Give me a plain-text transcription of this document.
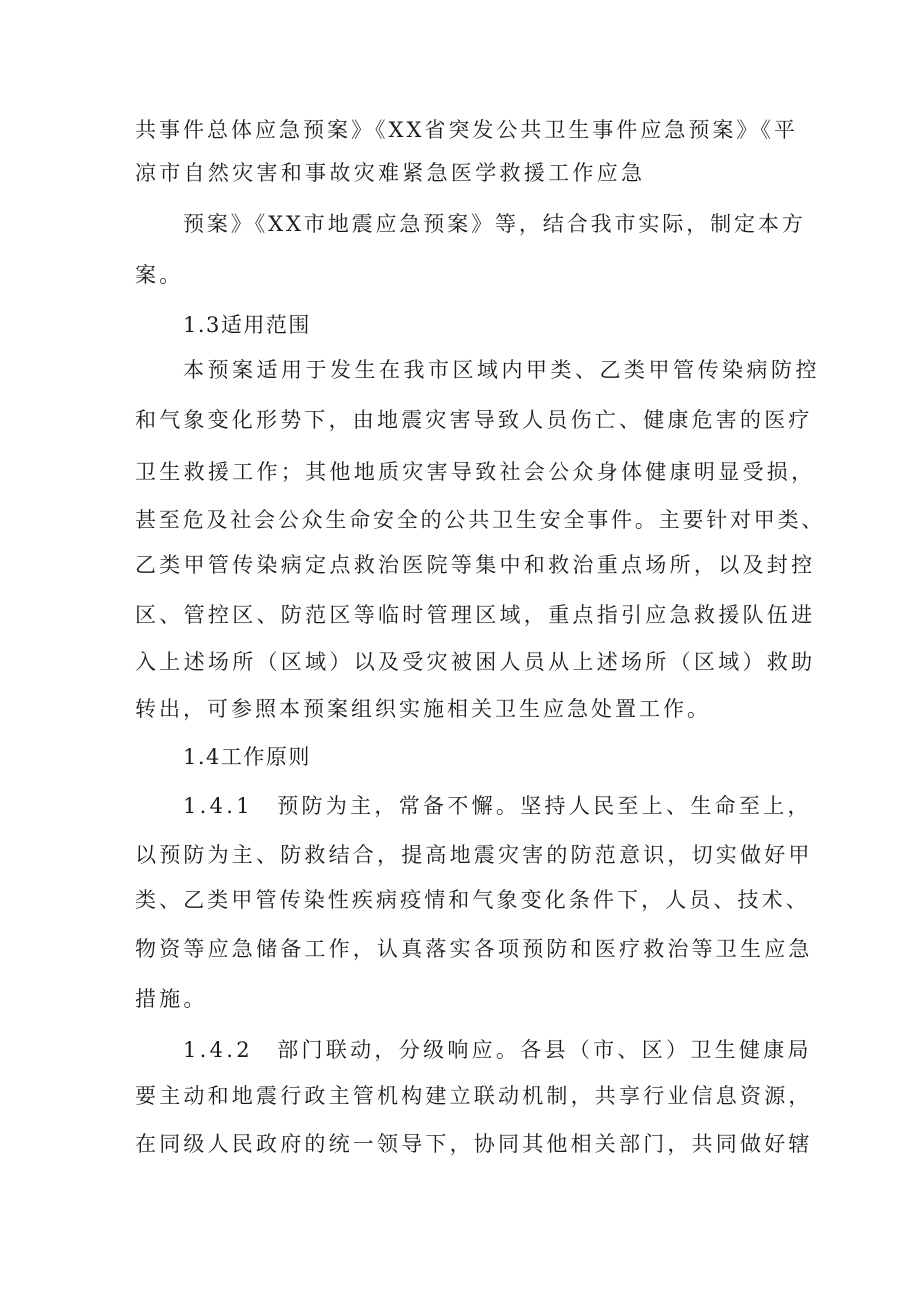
共事件总体应急预案》《XX省突发公共卫生事件应急预案》《平
凉市自然灾害和事故灾难紧急医学救援工作应急
预案》《XX市地震应急预案》等，结合我市实际，制定本方
案。
1.3适用范围
本预案适用于发生在我市区域内甲类、乙类甲管传染病防控
和气象变化形势下，由地震灾害导致人员伤亡、健康危害的医疗
卫生救援工作；其他地质灾害导致社会公众身体健康明显受损，
甚至危及社会公众生命安全的公共卫生安全事件。主要针对甲类、
乙类甲管传染病定点救治医院等集中和救治重点场所，以及封控
区、管控区、防范区等临时管理区域，重点指引应急救援队伍进
入上述场所（区域）以及受灾被困人员从上述场所（区域）救助
转出，可参照本预案组织实施相关卫生应急处置工作。
1.4工作原则
1.4.1　预防为主，常备不懈。坚持人民至上、生命至上，
以预防为主、防救结合，提高地震灾害的防范意识，切实做好甲
类、乙类甲管传染性疾病疫情和气象变化条件下，人员、技术、
物资等应急储备工作，认真落实各项预防和医疗救治等卫生应急
措施。
1.4.2　部门联动，分级响应。各县（市、区）卫生健康局
要主动和地震行政主管机构建立联动机制，共享行业信息资源，
在同级人民政府的统一领导下，协同其他相关部门，共同做好辖
